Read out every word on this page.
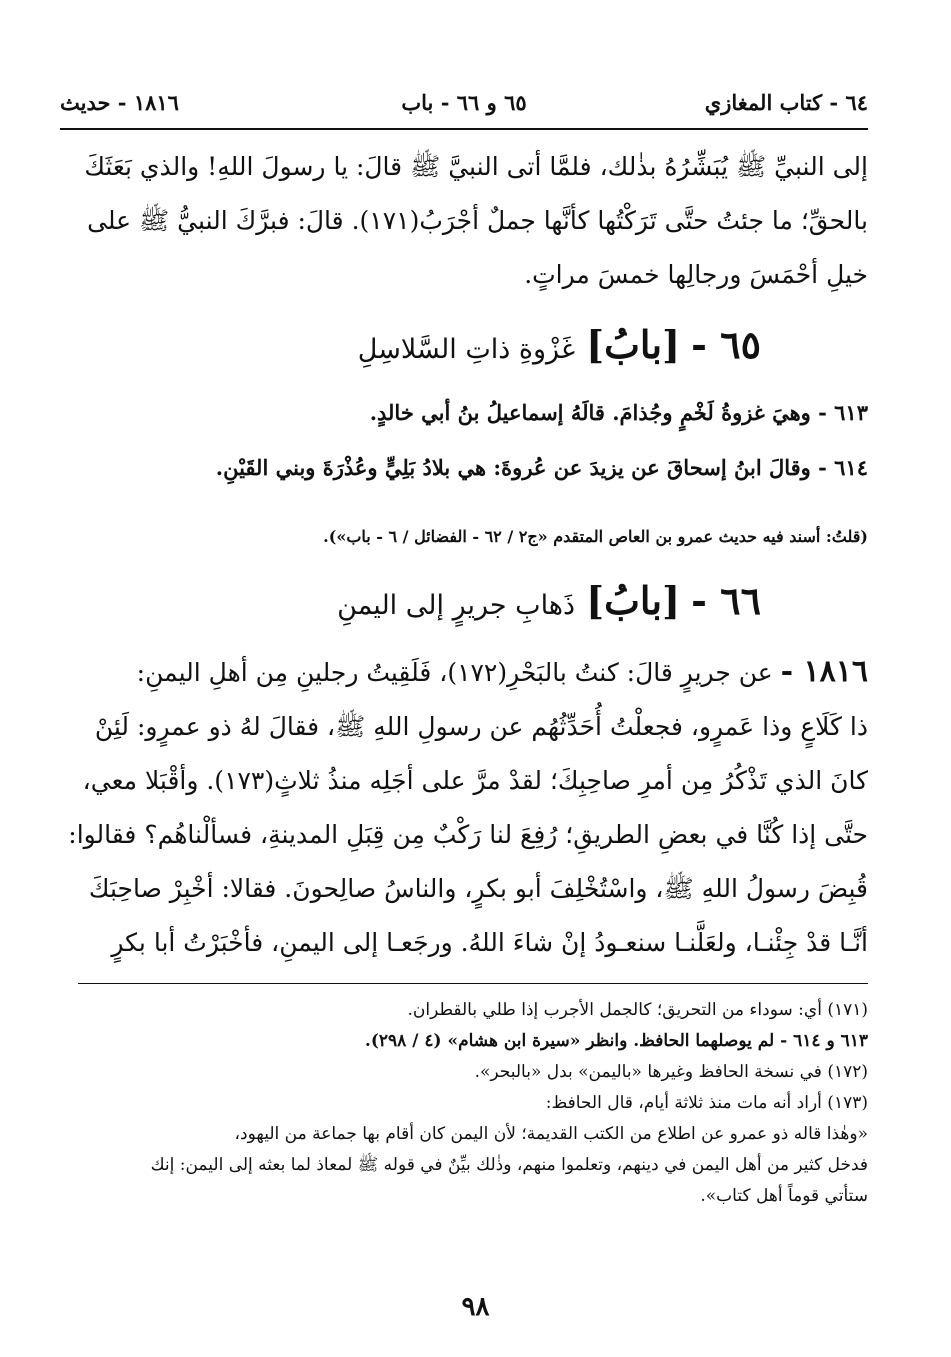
٦٤ - كتاب المغازي
٦٥ و ٦٦ - باب
١٨١٦ - حديث
إلى النبيِّ ﷺ يُبَشِّرُهُ بذٰلك، فلمَّا أتى النبيَّ ﷺ قالَ: يا رسولَ اللهِ! والذي بَعَثَكَ
بالحقِّ؛ ما جئتُ حتَّى تَرَكْتُها كأنَّها جملٌ أجْرَبُ(١٧١). قالَ: فبرَّكَ النبيُّ ﷺ على
خيلِ أحْمَسَ ورجالِها خمسَ مراتٍ.
٦٥ - [بابُ] غَزْوةِ ذاتِ السَّلاسِلِ
٦١٣ - وهيَ غزوةُ لَخْمٍ وجُذامَ. قالَهُ إسماعيلُ بنُ أبي خالدٍ.
٦١٤ - وقالَ ابنُ إسحاقَ عن يزيدَ عن عُروةَ: هي بلادُ بَلِيٍّ وعُذْرَةَ وبني القَيْنِ.
(قلتُ: أسند فيه حديث عمرو بن العاص المتقدم «ج٢ / ٦٢ - الفضائل / ٦ - باب»).
٦٦ - [بابُ] ذَهابِ جريرٍ إلى اليمنِ
١٨١٦ - عن جريرٍ قالَ: كنتُ بالبَحْرِ(١٧٢)، فَلَقِيتُ رجلينِ مِن أهلِ اليمنِ:
ذا كَلَاعٍ وذا عَمرٍو، فجعلْتُ أُحَدِّثُهُم عن رسولِ اللهِ ﷺ، فقالَ لهُ ذو عمرٍو: لَئِنْ
كانَ الذي تَذْكُرُ مِن أمرِ صاحِبِكَ؛ لقدْ مرَّ على أجَلِه منذُ ثلاثٍ(١٧٣). وأقْبَلا معي،
حتَّى إذا كُنَّا في بعضِ الطريقِ؛ رُفِعَ لنا رَكْبٌ مِن قِبَلِ المدينةِ، فسألْناهُم؟ فقالوا:
قُبِضَ رسولُ اللهِ ﷺ، واسْتُخْلِفَ أبو بكرٍ، والناسُ صالِحونَ. فقالا: أخْبِرْ صاحِبَكَ
أنَّـا قدْ جِئْنـا، ولعَلَّنـا سنعـودُ إنْ شاءَ اللهُ. ورجَعـا إلى اليمنِ، فأخْبَرْتُ أبا بكرٍ

(١٧١) أي: سوداء من التحريق؛ كالجمل الأجرب إذا طلي بالقطران.

٦١٣ و ٦١٤ - لم يوصلهما الحافظ. وانظر «سيرة ابن هشام» (٤ / ٢٩٨).

(١٧٢) في نسخة الحافظ وغيرها «باليمن» بدل «بالبحر».

(١٧٣) أراد أنه مات منذ ثلاثة أيام، قال الحافظ:

«وهٰذا قاله ذو عمرو عن اطلاع من الكتب القديمة؛ لأن اليمن كان أقام بها جماعة من اليهود،

فدخل كثير من أهل اليمن في دينهم، وتعلموا منهم، وذٰلك بيِّنٌ في قوله ﷺ لمعاذ لما بعثه إلى اليمن: إنك

ستأتي قوماً أهل كتاب».

٩٨
